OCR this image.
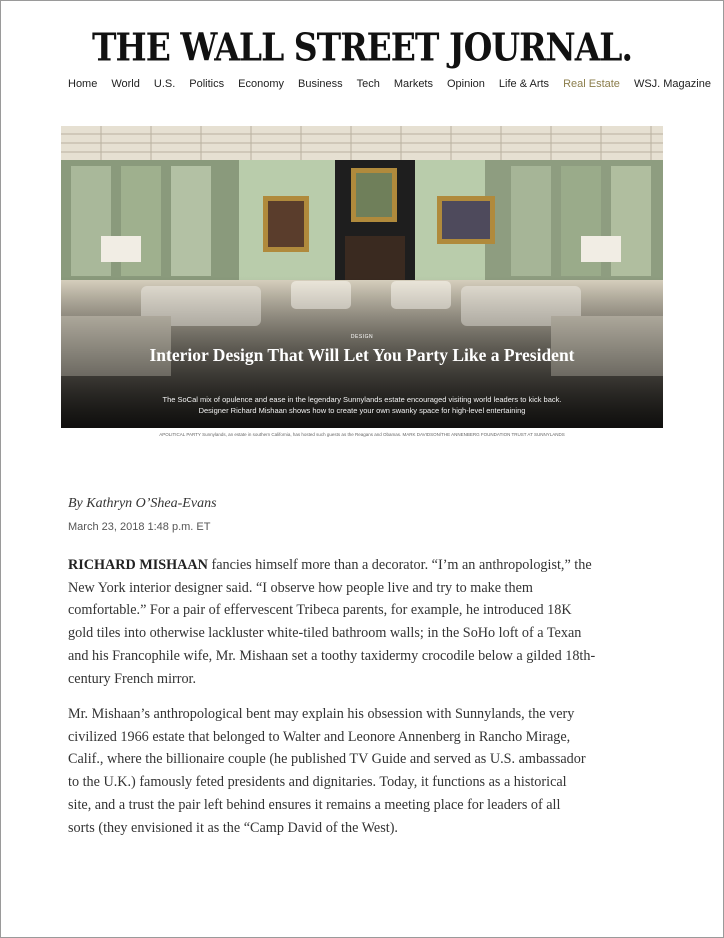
THE WALL STREET JOURNAL.
Home World U.S. Politics Economy Business Tech Markets Opinion Life & Arts Real Estate WSJ. Magazine
DESIGN
Interior Design That Will Let You Party Like a President
The SoCal mix of opulence and ease in the legendary Sunnylands estate encouraged visiting world leaders to kick back. Designer Richard Mishaan shows how to create your own swanky space for high-level entertaining
APOLITICAL PARTY Sunnylands, an estate in southern California, has hosted such guests as the Reagans and Obamas. MARK DAVIDSON/THE ANNENBERG FOUNDATION TRUST AT SUNNYLANDS
By Kathryn O’Shea-Evans
March 23, 2018 1:48 p.m. ET
RICHARD MISHAAN fancies himself more than a decorator. “I’m an anthropologist,” the
New York interior designer said. “I observe how people live and try to make them
comfortable.” For a pair of effervescent Tribeca parents, for example, he introduced 18K
gold tiles into otherwise lackluster white-tiled bathroom walls; in the SoHo loft of a Texan
and his Francophile wife, Mr. Mishaan set a toothy taxidermy crocodile below a gilded 18th-
century French mirror.
Mr. Mishaan’s anthropological bent may explain his obsession with Sunnylands, the very
civilized 1966 estate that belonged to Walter and Leonore Annenberg in Rancho Mirage,
Calif., where the billionaire couple (he published TV Guide and served as U.S. ambassador
to the U.K.) famously feted presidents and dignitaries. Today, it functions as a historical
site, and a trust the pair left behind ensures it remains a meeting place for leaders of all
sorts (they envisioned it as the “Camp David of the West).
